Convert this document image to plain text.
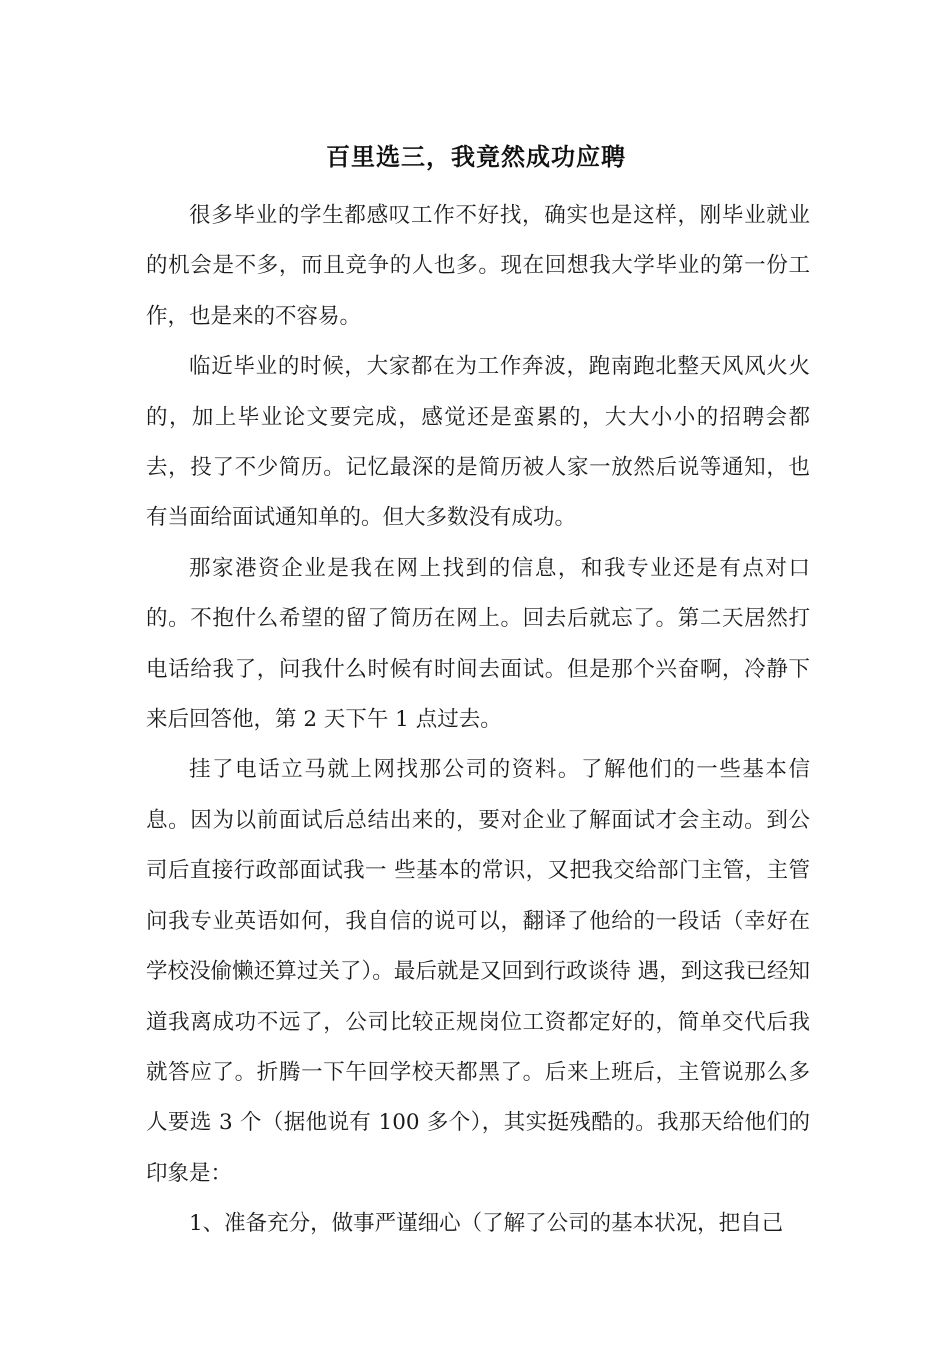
百里选三，我竟然成功应聘

很多毕业的学生都感叹工作不好找，确实也是这样，刚毕业就业的机会是不多，而且竞争的人也多。现在回想我大学毕业的第一份工作，也是来的不容易。

临近毕业的时候，大家都在为工作奔波，跑南跑北整天风风火火的，加上毕业论文要完成，感觉还是蛮累的，大大小小的招聘会都去，投了不少简历。记忆最深的是简历被人家一放然后说等通知，也有当面给面试通知单的。但大多数没有成功。

那家港资企业是我在网上找到的信息，和我专业还是有点对口的。不抱什么希望的留了简历在网上。回去后就忘了。第二天居然打电话给我了，问我什么时候有时间去面试。但是那个兴奋啊，冷静下来后回答他，第 2 天下午 1 点过去。

挂了电话立马就上网找那公司的资料。了解他们的一些基本信息。因为以前面试后总结出来的，要对企业了解面试才会主动。到公司后直接行政部面试我一 些基本的常识，又把我交给部门主管，主管问我专业英语如何，我自信的说可以，翻译了他给的一段话（幸好在学校没偷懒还算过关了）。最后就是又回到行政谈待 遇，到这我已经知道我离成功不远了，公司比较正规岗位工资都定好的，简单交代后我就答应了。折腾一下午回学校天都黑了。后来上班后，主管说那么多人要选 3 个（据他说有 100 多个），其实挺残酷的。我那天给他们的印象是：

1、准备充分，做事严谨细心（了解了公司的基本状况，把自己
